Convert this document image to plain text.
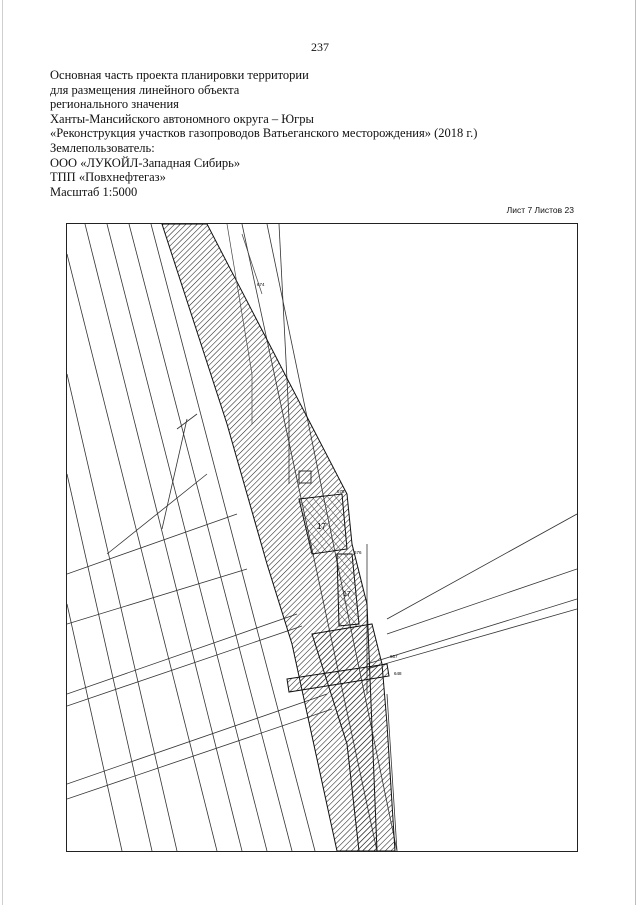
237
Основная часть проекта планировки территории
для размещения линейного объекта
регионального значения
Ханты-Мансийского автономного округа – Югры
«Реконструкция участков газопроводов Ватьеганского месторождения» (2018 г.)
Землепользователь:
ООО «ЛУКОЙЛ-Западная Сибирь»
ТПП «Повхнефтегаз»
Масштаб 1:5000
Лист 7 Листов 23
17
17
675
676
674
667
648
